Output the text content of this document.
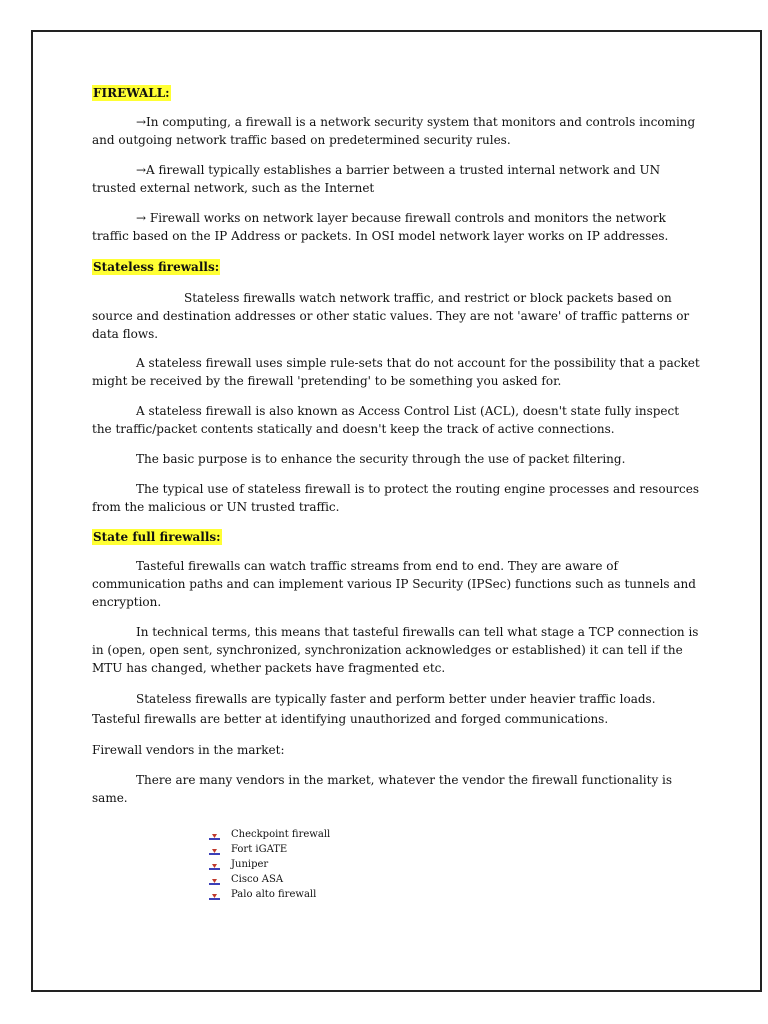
FIREWALL:

→In computing, a firewall is a network security system that monitors and controls incoming and outgoing network traffic based on predetermined security rules.

→A firewall typically establishes a barrier between a trusted internal network and UN trusted external network, such as the Internet

→ Firewall works on network layer because firewall controls and monitors the network traffic based on the IP Address or packets. In OSI model network layer works on IP addresses.

Stateless firewalls:

Stateless firewalls watch network traffic, and restrict or block packets based on source and destination addresses or other static values. They are not 'aware' of traffic patterns or data flows.

A stateless firewall uses simple rule-sets that do not account for the possibility that a packet might be received by the firewall 'pretending' to be something you asked for.

A stateless firewall is also known as Access Control List (ACL), doesn't state fully inspect the traffic/packet contents statically and doesn't keep the track of active connections.

The basic purpose is to enhance the security through the use of packet filtering.

The typical use of stateless firewall is to protect the routing engine processes and resources from the malicious or UN trusted traffic.

State full firewalls:

Tasteful firewalls can watch traffic streams from end to end. They are aware of communication paths and can implement various IP Security (IPSec) functions such as tunnels and encryption.

In technical terms, this means that tasteful firewalls can tell what stage a TCP connection is in (open, open sent, synchronized, synchronization acknowledges or established) it can tell if the MTU has changed, whether packets have fragmented etc.

Stateless firewalls are typically faster and perform better under heavier traffic loads. Tasteful firewalls are better at identifying unauthorized and forged communications.

Firewall vendors in the market:

There are many vendors in the market, whatever the vendor the firewall functionality is same.

Checkpoint firewall
Fort iGATE
Juniper
Cisco ASA
Palo alto firewall
